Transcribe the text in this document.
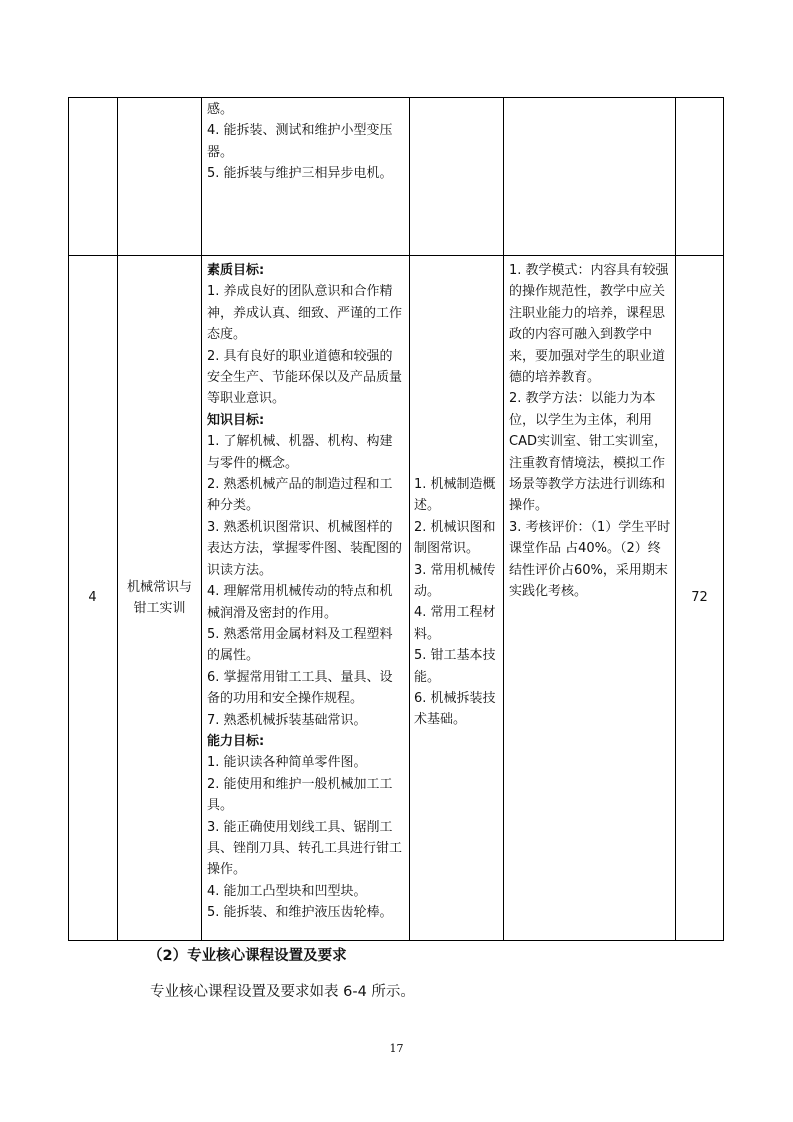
感。

4. 能拆装、测试和维护小型变压器。

5. 能拆装与维护三相异步电机。

4
机械常识与钳工实训

素质目标:

1. 养成良好的团队意识和合作精神，养成认真、细致、严谨的工作态度。

2. 具有良好的职业道德和较强的安全生产、节能环保以及产品质量等职业意识。

知识目标:

1. 了解机械、机器、机构、构建与零件的概念。

2. 熟悉机械产品的制造过程和工种分类。

3. 熟悉机识图常识、机械图样的表达方法，掌握零件图、装配图的识读方法。

4. 理解常用机械传动的特点和机械润滑及密封的作用。

5. 熟悉常用金属材料及工程塑料的属性。

6. 掌握常用钳工工具、量具、设备的功用和安全操作规程。

7. 熟悉机械拆装基础常识。

能力目标:

1. 能识读各种简单零件图。

2. 能使用和维护一般机械加工工具。

3. 能正确使用划线工具、锯削工具、锉削刀具、转孔工具进行钳工操作。

4. 能加工凸型块和凹型块。

5. 能拆装、和维护液压齿轮棒。

1. 机械制造概述。

2. 机械识图和制图常识。

3. 常用机械传动。

4. 常用工程材料。

5. 钳工基本技能。

6. 机械拆装技术基础。

1. 教学模式：内容具有较强的操作规范性，教学中应关注职业能力的培养，课程思政的内容可融入到教学中来，要加强对学生的职业道德的培养教育。

2. 教学方法：以能力为本位，以学生为主体，利用CAD实训室、钳工实训室，注重教育情境法，模拟工作场景等教学方法进行训练和操作。

3. 考核评价：（1）学生平时课堂作品 占40%。（2）终结性评价占60%，采用期末实践化考核。	72
（2）专业核心课程设置及要求
专业核心课程设置及要求如表 6-4 所示。
17
